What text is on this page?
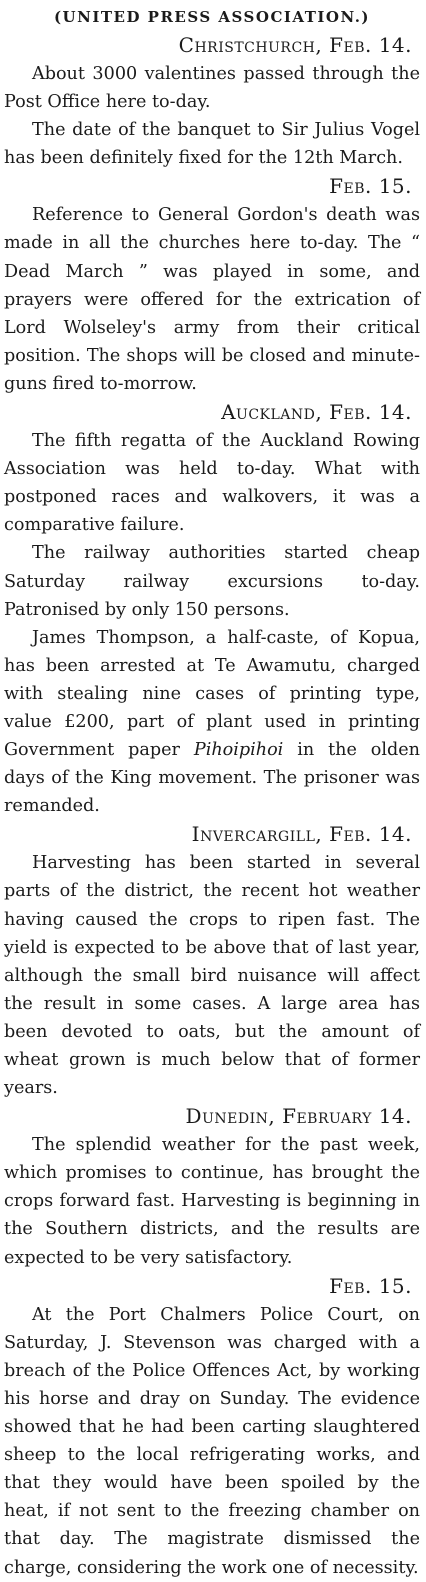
(UNITED PRESS ASSOCIATION.)
Christchurch, Feb. 14.

About 3000 valentines passed through the Post Office here to-day.

The date of the banquet to Sir Julius Vogel has been definitely fixed for the 12th March.

Feb. 15.

Reference to General Gordon's death was made in all the churches here to-day. The “ Dead March ” was played in some, and prayers were offered for the extrication of Lord Wolseley's army from their critical position. The shops will be closed and minute-guns fired to-morrow.

Auckland, Feb. 14.

The fifth regatta of the Auckland Rowing Association was held to-day. What with postponed races and walkovers, it was a comparative failure.

The railway authorities started cheap Saturday railway excursions to-day. Patronised by only 150 persons.

James Thompson, a half-caste, of Kopua, has been arrested at Te Awamutu, charged with stealing nine cases of printing type, value £200, part of plant used in printing Government paper Pihoipihoi in the olden days of the King movement. The prisoner was remanded.

Invercargill, Feb. 14.

Harvesting has been started in several parts of the district, the recent hot weather having caused the crops to ripen fast. The yield is expected to be above that of last year, although the small bird nuisance will affect the result in some cases. A large area has been devoted to oats, but the amount of wheat grown is much below that of former years.

Dunedin, February 14.

The splendid weather for the past week, which promises to continue, has brought the crops forward fast. Harvesting is beginning in the Southern districts, and the results are expected to be very satisfactory.

Feb. 15.

At the Port Chalmers Police Court, on Saturday, J. Stevenson was charged with a breach of the Police Offences Act, by working his horse and dray on Sunday. The evidence showed that he had been carting slaughtered sheep to the local refrigerating works, and that they would have been spoiled by the heat, if not sent to the freezing chamber on that day. The magistrate dismissed the charge, considering the work one of necessity.
